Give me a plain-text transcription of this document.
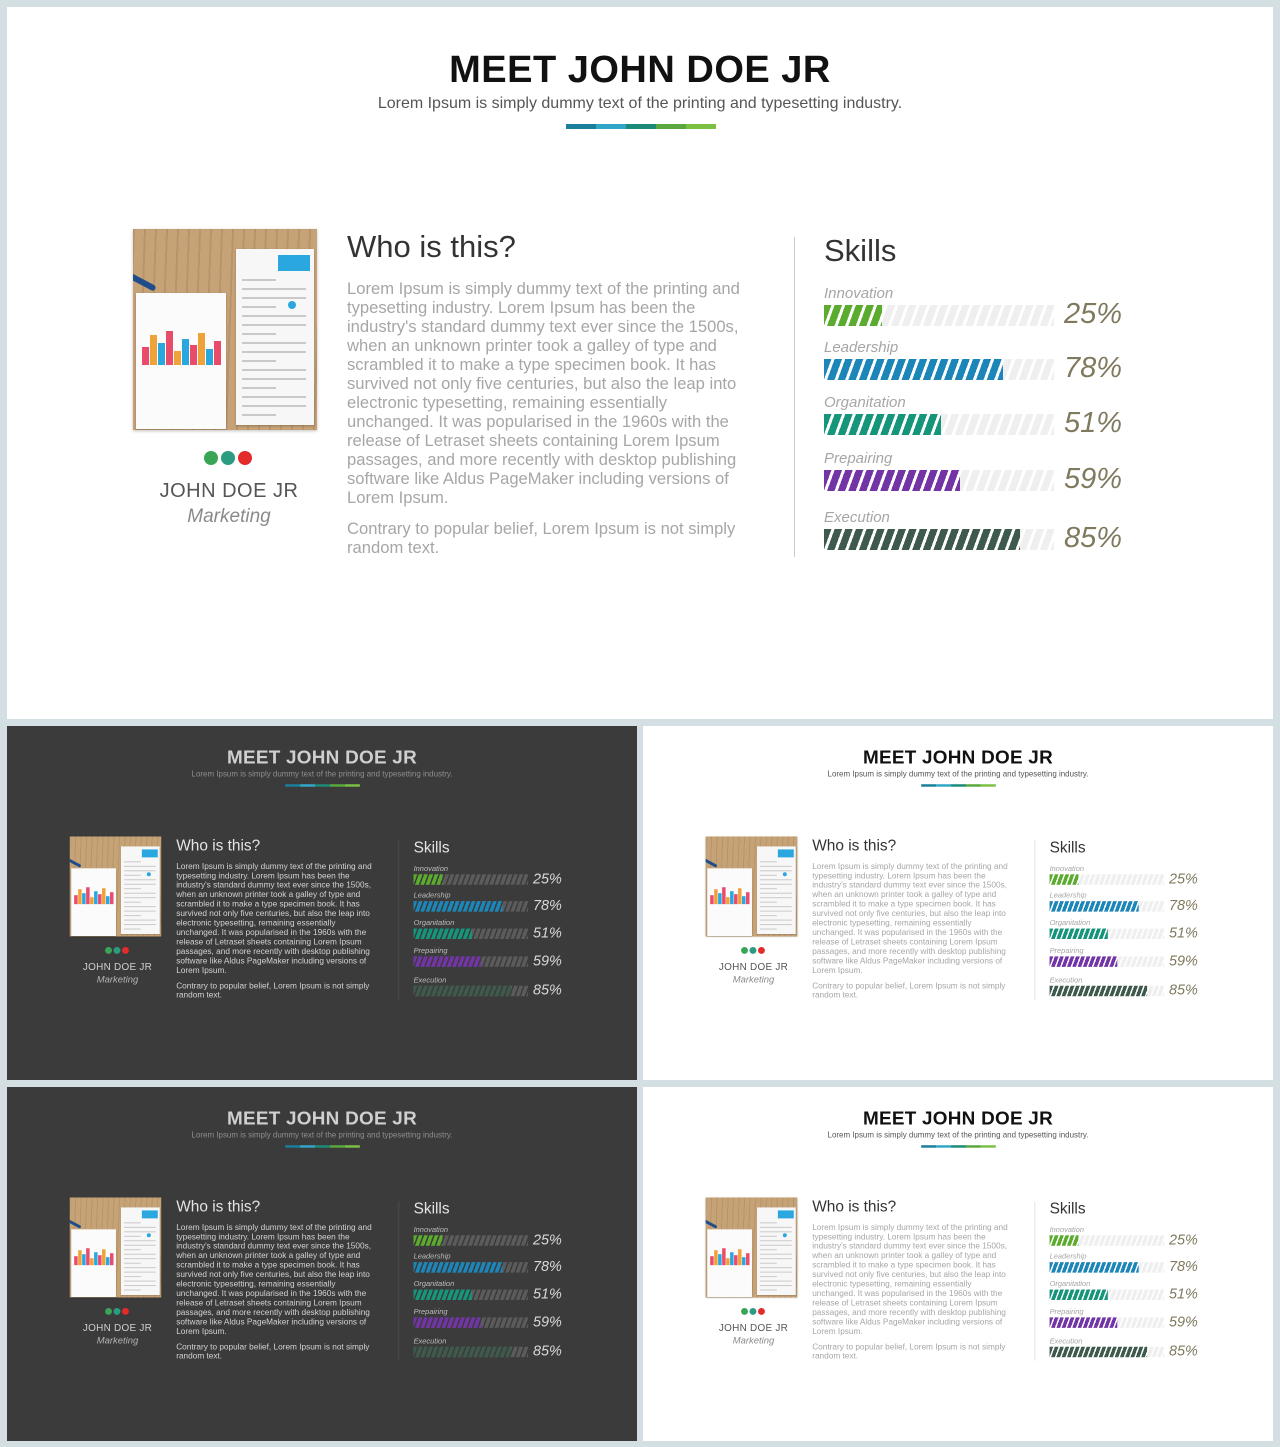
MEET JOHN DOE JR

Lorem Ipsum is simply dummy text of the printing and typesetting industry.

JOHN DOE JR

Marketing

Who is this?

Lorem Ipsum is simply dummy text of the printing and typesetting industry. Lorem Ipsum has been the industry's standard dummy text ever since the 1500s, when an unknown printer took a galley of type and scrambled it to make a type specimen book. It has survived not only five centuries, but also the leap into electronic typesetting, remaining essentially unchanged. It was popularised in the 1960s with the release of Letraset sheets containing Lorem Ipsum passages, and more recently with desktop publishing software like Aldus PageMaker including versions of Lorem Ipsum.

Contrary to popular belief, Lorem Ipsum is not simply random text.

Skills

Innovation

25%

Leadership

78%

Organitation

51%

Prepairing

59%

Execution

85%

MEET JOHN DOE JR

Lorem Ipsum is simply dummy text of the printing and typesetting industry.

JOHN DOE JR

Marketing

Who is this?

Lorem Ipsum is simply dummy text of the printing and typesetting industry. Lorem Ipsum has been the industry's standard dummy text ever since the 1500s, when an unknown printer took a galley of type and scrambled it to make a type specimen book. It has survived not only five centuries, but also the leap into electronic typesetting, remaining essentially unchanged. It was popularised in the 1960s with the release of Letraset sheets containing Lorem Ipsum passages, and more recently with desktop publishing software like Aldus PageMaker including versions of Lorem Ipsum.

Contrary to popular belief, Lorem Ipsum is not simply random text.

Skills

Innovation

25%

Leadership

78%

Organitation

51%

Prepairing

59%

Execution

85%

MEET JOHN DOE JR

Lorem Ipsum is simply dummy text of the printing and typesetting industry.

JOHN DOE JR

Marketing

Who is this?

Lorem Ipsum is simply dummy text of the printing and typesetting industry. Lorem Ipsum has been the industry's standard dummy text ever since the 1500s, when an unknown printer took a galley of type and scrambled it to make a type specimen book. It has survived not only five centuries, but also the leap into electronic typesetting, remaining essentially unchanged. It was popularised in the 1960s with the release of Letraset sheets containing Lorem Ipsum passages, and more recently with desktop publishing software like Aldus PageMaker including versions of Lorem Ipsum.

Contrary to popular belief, Lorem Ipsum is not simply random text.

Skills

Innovation

25%

Leadership

78%

Organitation

51%

Prepairing

59%

Execution

85%

MEET JOHN DOE JR

Lorem Ipsum is simply dummy text of the printing and typesetting industry.

JOHN DOE JR

Marketing

Who is this?

Lorem Ipsum is simply dummy text of the printing and typesetting industry. Lorem Ipsum has been the industry's standard dummy text ever since the 1500s, when an unknown printer took a galley of type and scrambled it to make a type specimen book. It has survived not only five centuries, but also the leap into electronic typesetting, remaining essentially unchanged. It was popularised in the 1960s with the release of Letraset sheets containing Lorem Ipsum passages, and more recently with desktop publishing software like Aldus PageMaker including versions of Lorem Ipsum.

Contrary to popular belief, Lorem Ipsum is not simply random text.

Skills

Innovation

25%

Leadership

78%

Organitation

51%

Prepairing

59%

Execution

85%

MEET JOHN DOE JR

Lorem Ipsum is simply dummy text of the printing and typesetting industry.

JOHN DOE JR

Marketing

Who is this?

Lorem Ipsum is simply dummy text of the printing and typesetting industry. Lorem Ipsum has been the industry's standard dummy text ever since the 1500s, when an unknown printer took a galley of type and scrambled it to make a type specimen book. It has survived not only five centuries, but also the leap into electronic typesetting, remaining essentially unchanged. It was popularised in the 1960s with the release of Letraset sheets containing Lorem Ipsum passages, and more recently with desktop publishing software like Aldus PageMaker including versions of Lorem Ipsum.

Contrary to popular belief, Lorem Ipsum is not simply random text.

Skills

Innovation

25%

Leadership

78%

Organitation

51%

Prepairing

59%

Execution

85%
